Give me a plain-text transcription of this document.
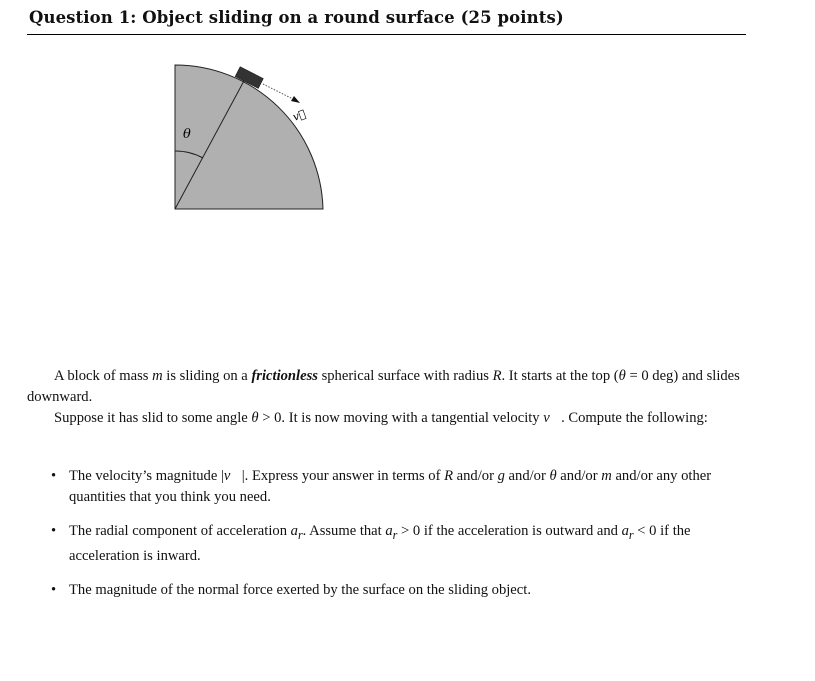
Question 1: Object sliding on a round surface (25 points)
v⃗
θ

A block of mass m is sliding on a frictionless spherical surface with radius R. It starts at the top (θ = 0 deg) and slides downward.

Suppose it has slid to some angle θ > 0. It is now moving with a tangential velocity v⃗. Compute the following:

• The velocity’s magnitude |v⃗|. Express your answer in terms of R and/or g and/or θ and/or m and/or any other quantities that you think you need.
• The radial component of acceleration $a_r$. Assume that $a_r > 0$ if the acceleration is outward and $a_r < 0$ if the acceleration is inward.
• The magnitude of the normal force exerted by the surface on the sliding object.
